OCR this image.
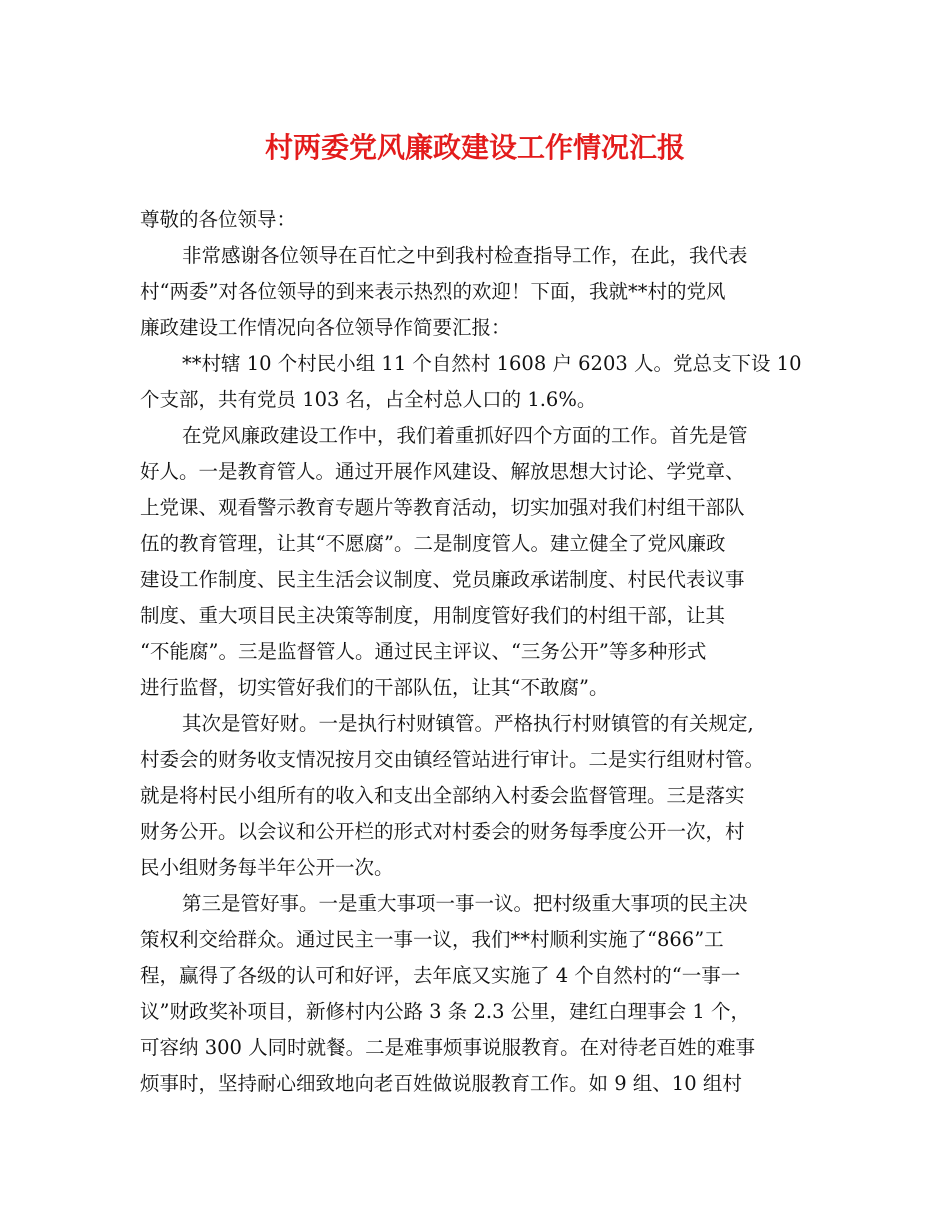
村两委党风廉政建设工作情况汇报
尊敬的各位领导：
非常感谢各位领导在百忙之中到我村检查指导工作，在此，我代表
村“两委”对各位领导的到来表示热烈的欢迎！下面，我就**村的党风
廉政建设工作情况向各位领导作简要汇报：
**村辖 10 个村民小组 11 个自然村 1608 户 6203 人。党总支下设 10
个支部，共有党员 103 名，占全村总人口的 1.6%。
在党风廉政建设工作中，我们着重抓好四个方面的工作。首先是管
好人。一是教育管人。通过开展作风建设、解放思想大讨论、学党章、
上党课、观看警示教育专题片等教育活动，切实加强对我们村组干部队
伍的教育管理，让其“不愿腐”。二是制度管人。建立健全了党风廉政
建设工作制度、民主生活会议制度、党员廉政承诺制度、村民代表议事
制度、重大项目民主决策等制度，用制度管好我们的村组干部，让其
“不能腐”。三是监督管人。通过民主评议、“三务公开”等多种形式
进行监督，切实管好我们的干部队伍，让其“不敢腐”。
其次是管好财。一是执行村财镇管。严格执行村财镇管的有关规定,
村委会的财务收支情况按月交由镇经管站进行审计。二是实行组财村管。
就是将村民小组所有的收入和支出全部纳入村委会监督管理。三是落实
财务公开。以会议和公开栏的形式对村委会的财务每季度公开一次，村
民小组财务每半年公开一次。
第三是管好事。一是重大事项一事一议。把村级重大事项的民主决
策权利交给群众。通过民主一事一议，我们**村顺利实施了“866”工
程，赢得了各级的认可和好评，去年底又实施了 4 个自然村的“一事一
议”财政奖补项目，新修村内公路 3 条 2.3 公里，建红白理事会 1 个，
可容纳 300 人同时就餐。二是难事烦事说服教育。在对待老百姓的难事
烦事时，坚持耐心细致地向老百姓做说服教育工作。如 9 组、10 组村
